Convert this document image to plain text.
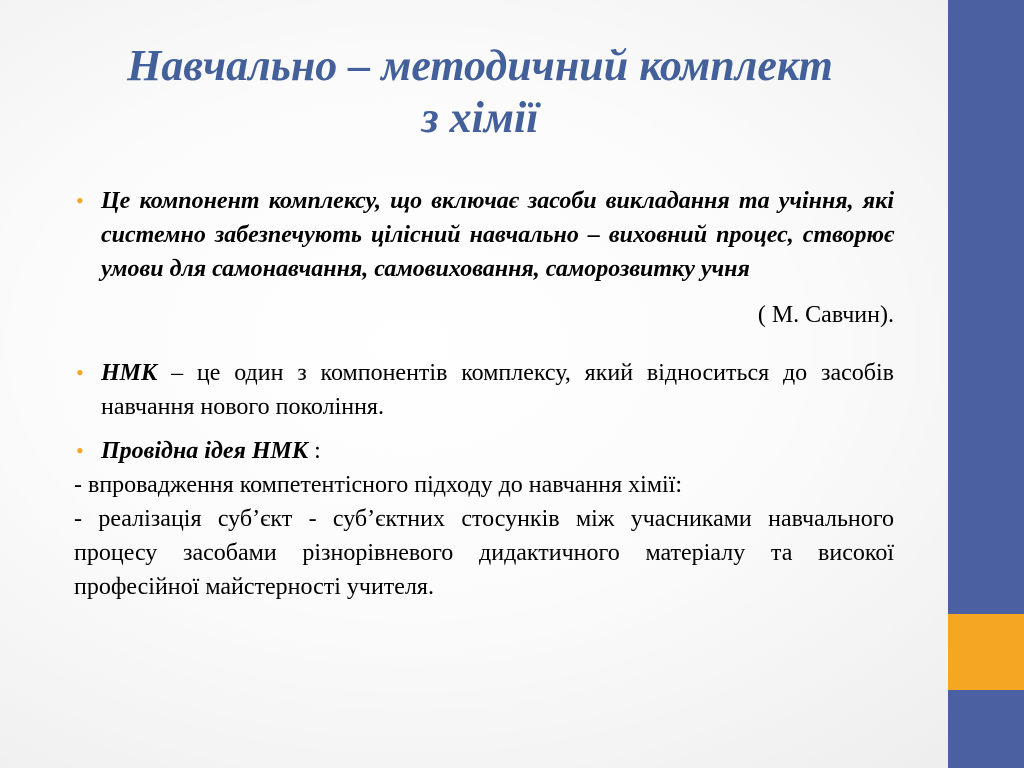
Навчально – методичний комплект
з хімії

• Це компонент комплексу, що включає засоби викладання та учіння, які системно забезпечують цілісний навчально – виховний процес, створює умови для самонавчання, самовиховання, саморозвитку учня

( М. Савчин).

• НМК – це один з компонентів комплексу, який відноситься до засобів навчання нового покоління.

• Провідна ідея НМК :

- впровадження компетентісного підходу до навчання хімії:

- реалізація суб’єкт - суб’єктних стосунків між учасниками навчального процесу засобами різнорівневого дидактичного матеріалу та високої професійної майстерності учителя.
